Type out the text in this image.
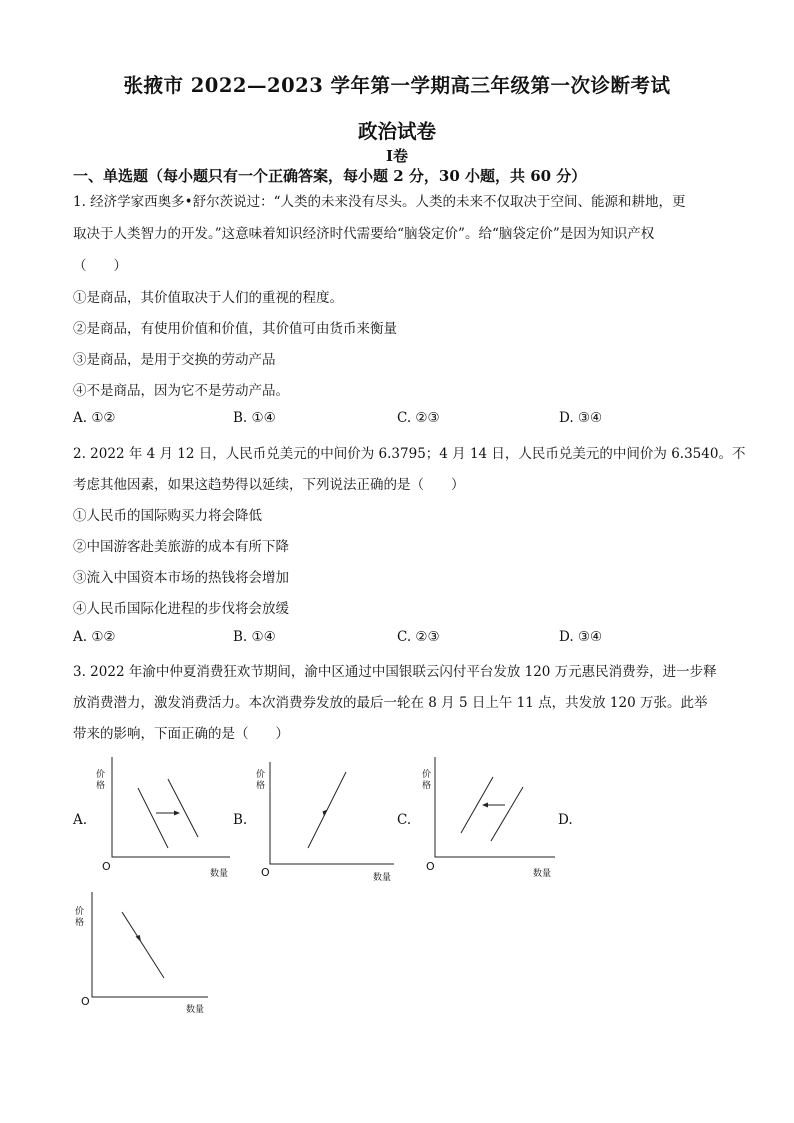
张掖市 2022—2023 学年第一学期高三年级第一次诊断考试
政治试卷
Ⅰ卷
一、单选题（每小题只有一个正确答案，每小题 2 分，30 小题，共 60 分）
1. 经济学家西奥多•舒尔茨说过：“人类的未来没有尽头。人类的未来不仅取决于空间、能源和耕地，更
取决于人类智力的开发。”这意味着知识经济时代需要给“脑袋定价”。给“脑袋定价”是因为知识产权
（　　）
①是商品，其价值取决于人们的重视的程度。
②是商品，有使用价值和价值，其价值可由货币来衡量
③是商品，是用于交换的劳动产品
④不是商品，因为它不是劳动产品。
A. ①②	B. ①④	C. ②③	D. ③④
2. 2022 年 4 月 12 日，人民币兑美元的中间价为 6.3795；4 月 14 日，人民币兑美元的中间价为 6.3540。不
考虑其他因素，如果这趋势得以延续，下列说法正确的是（　　）
①人民币的国际购买力将会降低
②中国游客赴美旅游的成本有所下降
③流入中国资本市场的热钱将会增加
④人民币国际化进程的步伐将会放缓
A. ①②	B. ①④	C. ②③	D. ③④
3. 2022 年渝中仲夏消费狂欢节期间，渝中区通过中国银联云闪付平台发放 120 万元惠民消费券，进一步释
放消费潜力，激发消费活力。本次消费券发放的最后一轮在 8 月 5 日上午 11 点，共发放 120 万张。此举
带来的影响，下面正确的是（　　）
A.
价格
O
数量
B.
价格
O	数量
C.
价格
O
数量
D.
价格
O
数量
